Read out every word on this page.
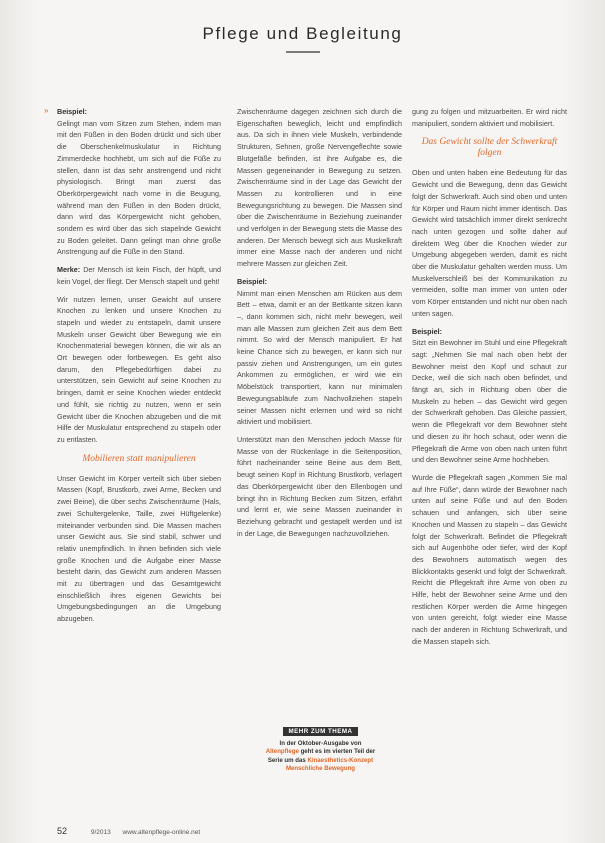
Pflege und Begleitung
» Beispiel:
Gelingt man vom Sitzen zum Stehen, indem man mit den Füßen in den Boden drückt und sich über die Oberschenkelmuskulatur in Richtung Zimmerdecke hochhebt, um sich auf die Füße zu stellen, dann ist das sehr anstrengend und nicht physiologisch. Bringt man zuerst das Oberkörpergewicht nach vorne in die Beugung, während man den Füßen in den Boden drückt, dann wird das Körpergewicht nicht gehoben, sondern es wird über das sich stapelnde Gewicht zu Boden geleitet. Dann gelingt man ohne große Anstrengung auf die Füße in den Stand.

Merke: Der Mensch ist kein Fisch, der hüpft, und kein Vogel, der fliegt. Der Mensch stapelt und geht!

Wir nutzen lernen, unser Gewicht auf unsere Knochen zu lenken und unsere Knochen zu stapeln und wieder zu entstapeln, damit unsere Muskeln unser Gewicht über Bewegung wie ein Knochenmaterial bewegen können, die wir als an Ort bewegen oder fortbewegen. Es geht also darum, den Pflegebedürftigen dabei zu unterstützen, sein Gewicht auf seine Knochen zu bringen, damit er seine Knochen wieder entdeckt und fühlt, sie richtig zu nutzen, wenn er sein Gewicht über die Knochen abzugeben und die mit Hilfe der Muskulatur entsprechend zu stapeln oder zu entlasten.

Mobilieren statt manipulieren

Unser Gewicht im Körper verteilt sich über sieben Massen (Kopf, Brustkorb, zwei Arme, Becken und zwei Beine), die über sechs Zwischenräume (Hals, zwei Schultergelenke, Taille, zwei Hüftgelenke) miteinander verbunden sind. Die Massen machen unser Gewicht aus. Sie sind stabil, schwer und relativ unempfindlich. In ihnen befinden sich viele große Knochen und die Aufgabe einer Masse besteht darin, das Gewicht zum anderen Massen mit zu übertragen und das Gesamtgewicht einschließlich ihres eigenen Gewichts bei Umgebungsbedingungen an die Umgebung abzugeben.

Zwischenräume dagegen zeichnen sich durch die Eigenschaften beweglich, leicht und empfindlich aus. Da sich in ihnen viele Muskeln, verbindende Strukturen, Sehnen, große Nervengeflechte sowie Blutgefäße befinden, ist ihre Aufgabe es, die Massen gegeneinander in Bewegung zu setzen. Zwischenräume sind in der Lage das Gewicht der Massen zu kontrollieren und in eine Bewegungsrichtung zu bewegen. Die Massen sind über die Zwischenräume in Beziehung zueinander und verfolgen in der Bewegung stets die Masse des anderen. Der Mensch bewegt sich aus Muskelkraft immer eine Masse nach der anderen und nicht mehrere Massen zur gleichen Zeit.

Beispiel:
Nimmt man einen Menschen am Rücken aus dem Bett – etwa, damit er an der Bettkante sitzen kann –, dann kommen sich, nicht mehr bewegen, weil man alle Massen zum gleichen Zeit aus dem Bett nimmt. So wird der Mensch manipuliert. Er hat keine Chance sich zu bewegen, er kann sich nur passiv ziehen und Anstrengungen, um ein gutes Ankommen zu ermöglichen, er wird wie ein Möbelstück transportiert, kann nur minimalen Bewegungsabläufe zum Nachvollziehen stapeln seiner Massen nicht erlernen und wird so nicht aktiviert und mobilisiert.

Unterstützt man den Menschen jedoch Masse für Masse von der Rückenlage in die Seitenposition, führt nacheinander seine Beine aus dem Bett, beugt seinen Kopf in Richtung Brustkorb, verlagert das Oberkörpergewicht über den Ellenbogen und bringt ihn in Richtung Becken zum Sitzen, erfährt und lernt er, wie seine Massen zueinander in Beziehung gebracht und gestapelt werden und ist in der Lage, die Bewegungen nachzuvollziehen.

gung zu folgen und mitzuarbeiten. Er wird nicht manipuliert, sondern aktiviert und mobilisiert.

Das Gewicht sollte der Schwerkraft folgen

Oben und unten haben eine Bedeutung für das Gewicht und die Bewegung, denn das Gewicht folgt der Schwerkraft. Auch sind oben und unten für Körper und Raum nicht immer identisch. Das Gewicht wird tatsächlich immer direkt senkrecht nach unten gezogen und sollte daher auf direktem Weg über die Knochen wieder zur Umgebung abgegeben werden, damit es nicht über die Muskulatur gehalten werden muss. Um Muskelverschleiß bei der Kommunikation zu vermeiden, sollte man immer von unten oder vom Körper entstanden und nicht nur oben nach unten sagen.

Beispiel:
Sitzt ein Bewohner im Stuhl und eine Pflegekraft sagt: „Nehmen Sie mal nach oben hebt der Bewohner meist den Kopf und schaut zur Decke, weil die sich nach oben befindet, und fängt an, sich in Richtung oben über die Muskeln zu heben – das Gewicht wird gegen der Schwerkraft gehoben. Das Gleiche passiert, wenn die Pflegekraft vor dem Bewohner steht und diesen zu ihr hoch schaut, oder wenn die Pflegekraft die Arme von oben nach unten führt und den Bewohner seine Arme hochheben.

Wurde die Pflegekraft sagen „Kommen Sie mal auf Ihre Füße“, dann würde der Bewohner nach unten auf seine Füße und auf den Boden schauen und anfangen, sich über seine Knochen und Massen zu stapeln – das Gewicht folgt der Schwerkraft. Befindet die Pflegekraft sich auf Augenhöhe oder tiefer, wird der Kopf des Bewohners automatisch wegen des Blickkontakts gesenkt und folgt der Schwerkraft. Reicht die Pflegekraft ihre Arme von oben zu Hilfe, hebt der Bewohner seine Arme und den restlichen Körper werden die Arme hingegen von unten gereicht, folgt wieder eine Masse nach der anderen in Richtung Schwerkraft, und die Massen stapeln sich.

MEHR ZUM THEMA
In der Oktober-Ausgabe von
Altenpflege geht es im vierten Teil der
Serie um das Kinaesthetics-Konzept
Menschliche Bewegung
52	9/2013 www.altenpflege-online.net
